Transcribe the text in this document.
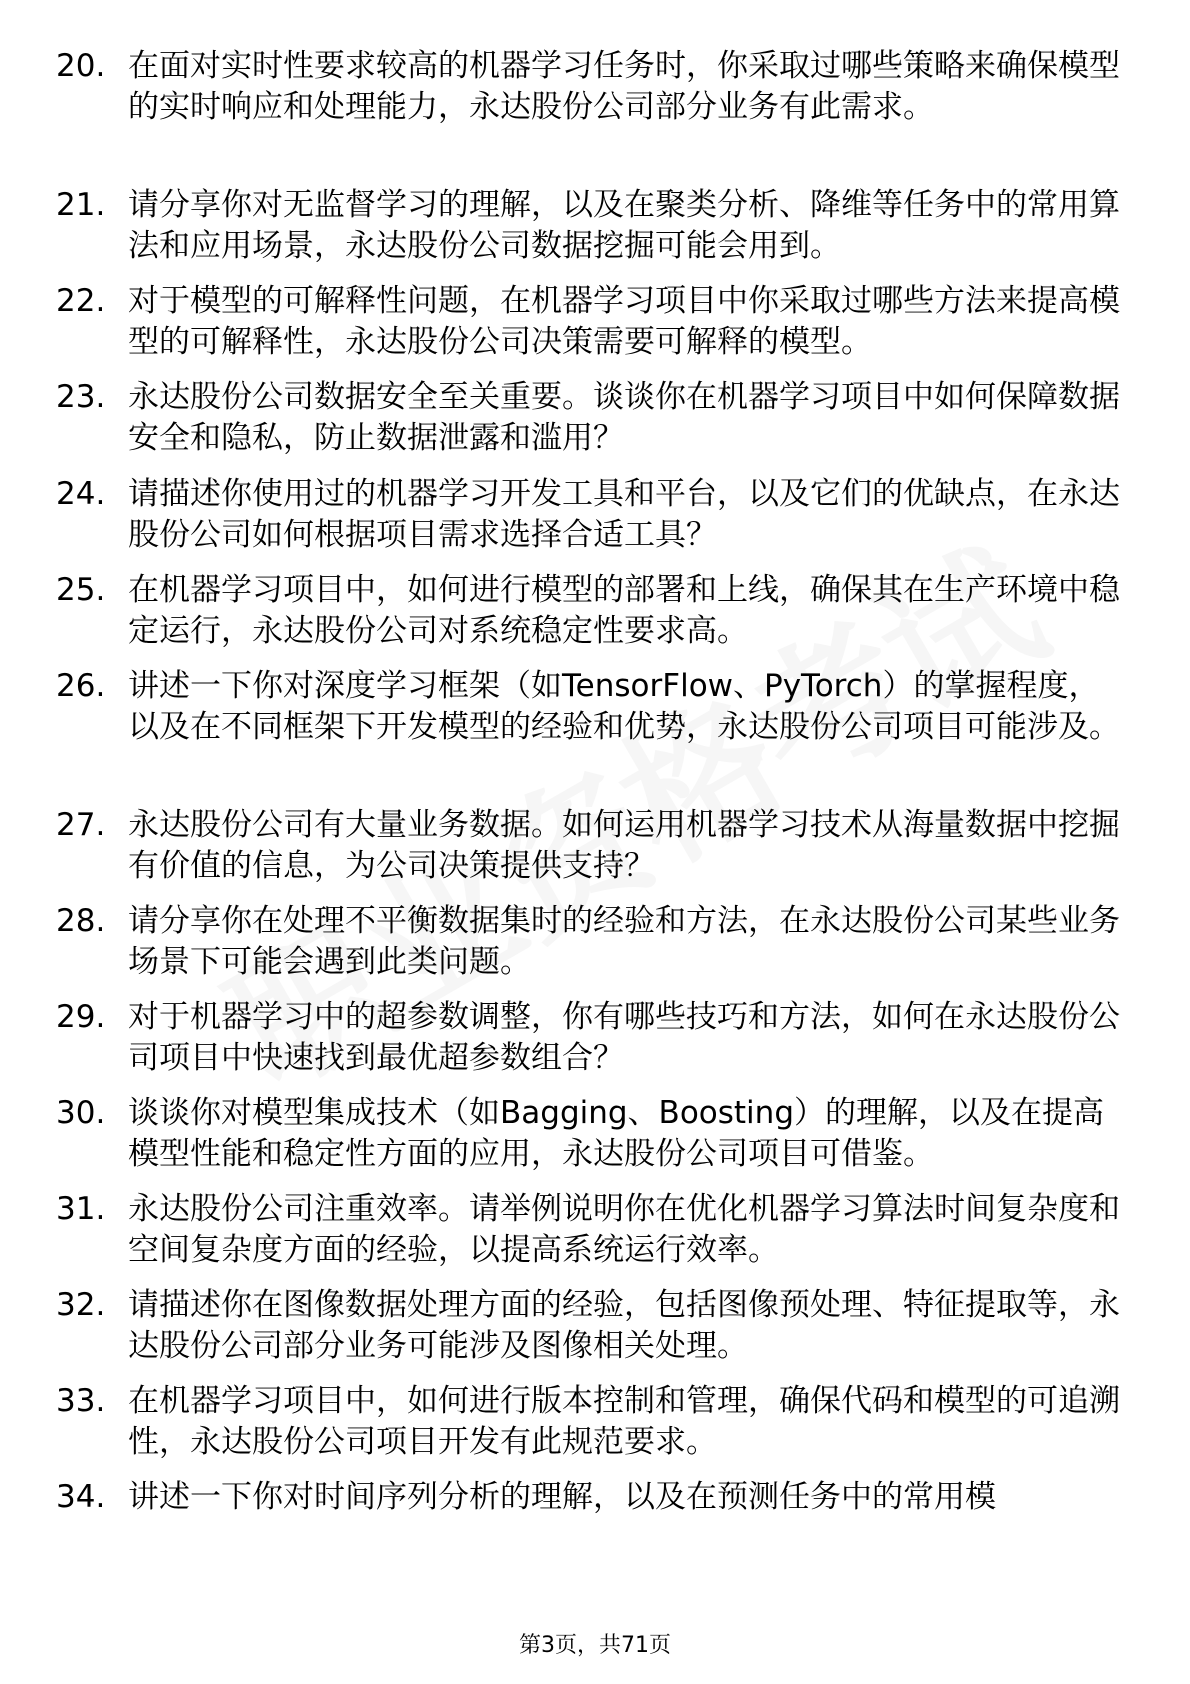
20. 在面对实时性要求较高的机器学习任务时，你采取过哪些策略来确保模型的实时响应和处理能力，永达股份公司部分业务有此需求。
21. 请分享你对无监督学习的理解，以及在聚类分析、降维等任务中的常用算法和应用场景，永达股份公司数据挖掘可能会用到。
22. 对于模型的可解释性问题，在机器学习项目中你采取过哪些方法来提高模型的可解释性，永达股份公司决策需要可解释的模型。
23. 永达股份公司数据安全至关重要。谈谈你在机器学习项目中如何保障数据安全和隐私，防止数据泄露和滥用？
24. 请描述你使用过的机器学习开发工具和平台，以及它们的优缺点，在永达股份公司如何根据项目需求选择合适工具？
25. 在机器学习项目中，如何进行模型的部署和上线，确保其在生产环境中稳定运行，永达股份公司对系统稳定性要求高。
26. 讲述一下你对深度学习框架（如TensorFlow、PyTorch）的掌握程度，以及在不同框架下开发模型的经验和优势，永达股份公司项目可能涉及。
27. 永达股份公司有大量业务数据。如何运用机器学习技术从海量数据中挖掘有价值的信息，为公司决策提供支持？
28. 请分享你在处理不平衡数据集时的经验和方法，在永达股份公司某些业务场景下可能会遇到此类问题。
29. 对于机器学习中的超参数调整，你有哪些技巧和方法，如何在永达股份公司项目中快速找到最优超参数组合？
30. 谈谈你对模型集成技术（如Bagging、Boosting）的理解，以及在提高模型性能和稳定性方面的应用，永达股份公司项目可借鉴。
31. 永达股份公司注重效率。请举例说明你在优化机器学习算法时间复杂度和空间复杂度方面的经验，以提高系统运行效率。
32. 请描述你在图像数据处理方面的经验，包括图像预处理、特征提取等，永达股份公司部分业务可能涉及图像相关处理。
33. 在机器学习项目中，如何进行版本控制和管理，确保代码和模型的可追溯性，永达股份公司项目开发有此规范要求。
34. 讲述一下你对时间序列分析的理解，以及在预测任务中的常用模
第3页，共71页
